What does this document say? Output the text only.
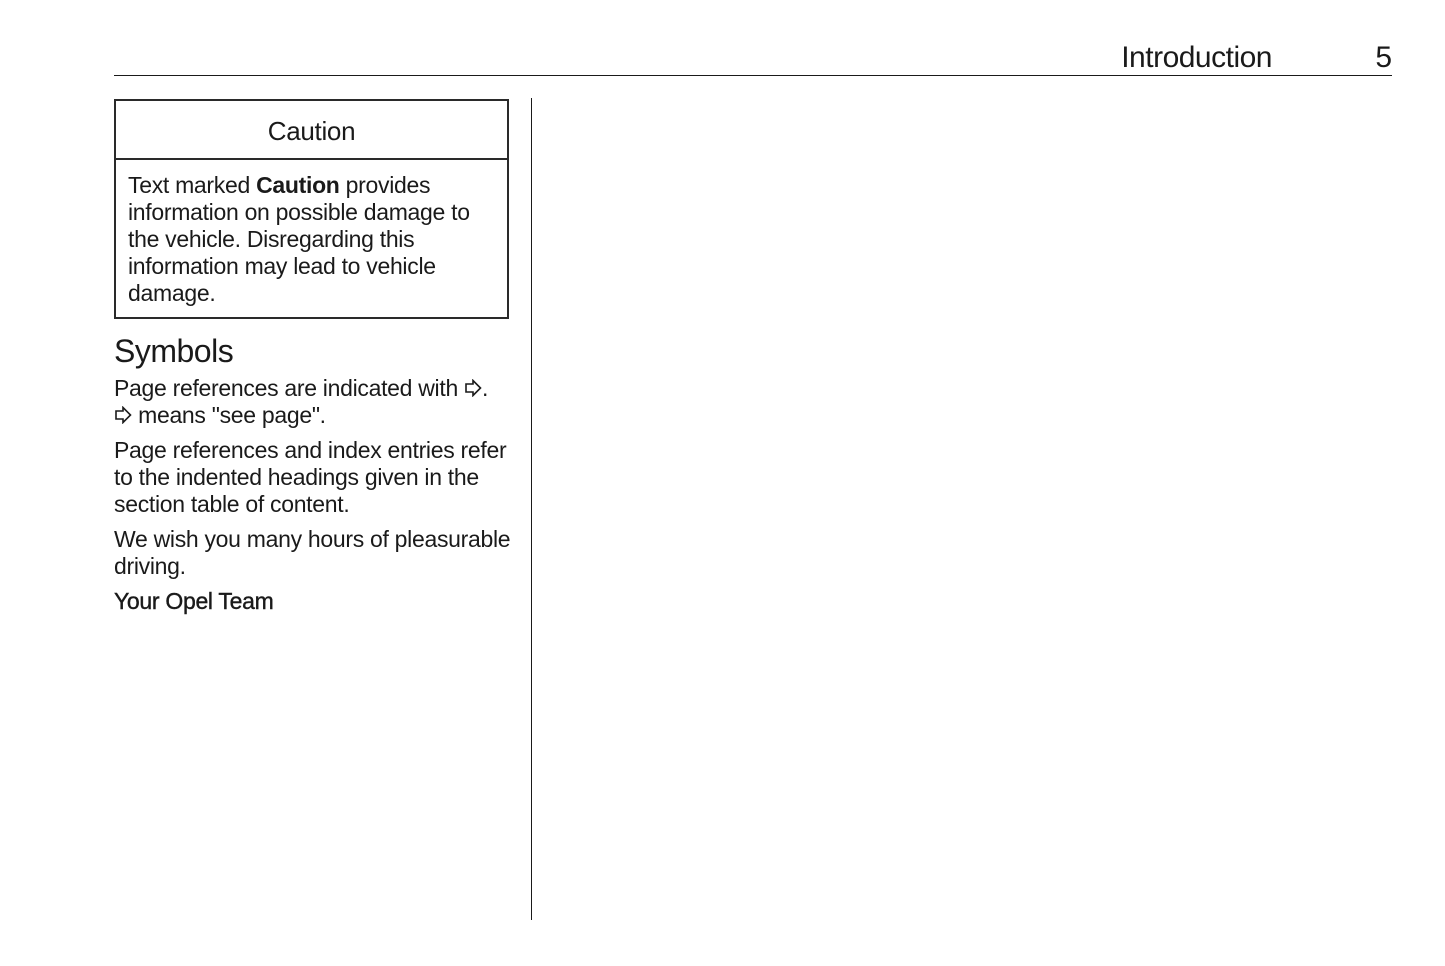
Introduction	5
Caution
Text marked Caution provides information on possible damage to the vehicle. Disregarding this information may lead to vehicle damage.
Symbols

Page references are indicated with .
means "see page".

Page references and index entries refer to the indented headings given in the section table of content.

We wish you many hours of pleasurable driving.

Your Opel Team
